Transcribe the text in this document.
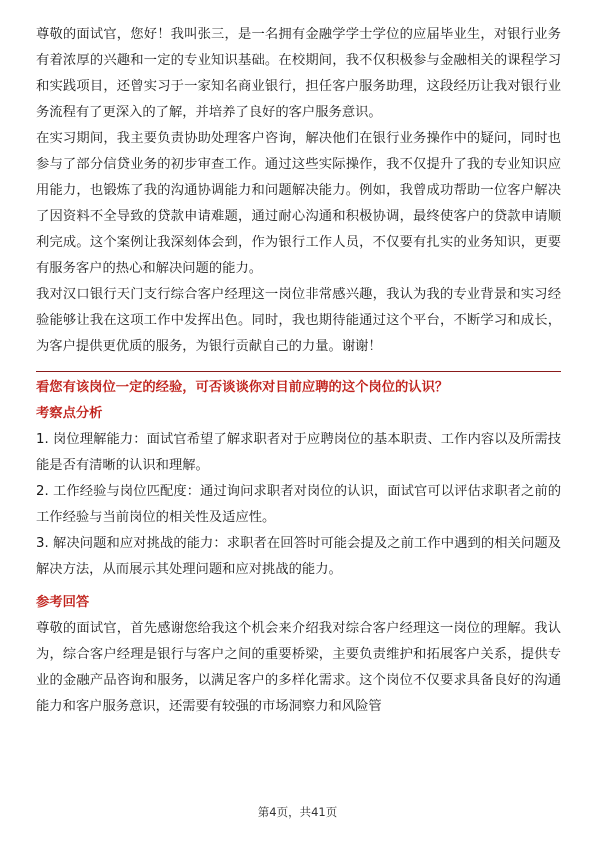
尊敬的面试官，您好！我叫张三，是一名拥有金融学学士学位的应届毕业生，对银行业务有着浓厚的兴趣和一定的专业知识基础。在校期间，我不仅积极参与金融相关的课程学习和实践项目，还曾实习于一家知名商业银行，担任客户服务助理，这段经历让我对银行业务流程有了更深入的了解，并培养了良好的客户服务意识。

在实习期间，我主要负责协助处理客户咨询，解决他们在银行业务操作中的疑问，同时也参与了部分信贷业务的初步审查工作。通过这些实际操作，我不仅提升了我的专业知识应用能力，也锻炼了我的沟通协调能力和问题解决能力。例如，我曾成功帮助一位客户解决了因资料不全导致的贷款申请难题，通过耐心沟通和积极协调，最终使客户的贷款申请顺利完成。这个案例让我深刻体会到，作为银行工作人员，不仅要有扎实的业务知识，更要有服务客户的热心和解决问题的能力。

我对汉口银行天门支行综合客户经理这一岗位非常感兴趣，我认为我的专业背景和实习经验能够让我在这项工作中发挥出色。同时，我也期待能通过这个平台，不断学习和成长，为客户提供更优质的服务，为银行贡献自己的力量。谢谢！

看您有该岗位一定的经验，可否谈谈你对目前应聘的这个岗位的认识？

考察点分析

1. 岗位理解能力：面试官希望了解求职者对于应聘岗位的基本职责、工作内容以及所需技能是否有清晰的认识和理解。

2. 工作经验与岗位匹配度：通过询问求职者对岗位的认识，面试官可以评估求职者之前的工作经验与当前岗位的相关性及适应性。

3. 解决问题和应对挑战的能力：求职者在回答时可能会提及之前工作中遇到的相关问题及解决方法，从而展示其处理问题和应对挑战的能力。

参考回答

尊敬的面试官，首先感谢您给我这个机会来介绍我对综合客户经理这一岗位的理解。我认为，综合客户经理是银行与客户之间的重要桥梁，主要负责维护和拓展客户关系，提供专业的金融产品咨询和服务，以满足客户的多样化需求。这个岗位不仅要求具备良好的沟通能力和客户服务意识，还需要有较强的市场洞察力和风险管

第4页，共41页
